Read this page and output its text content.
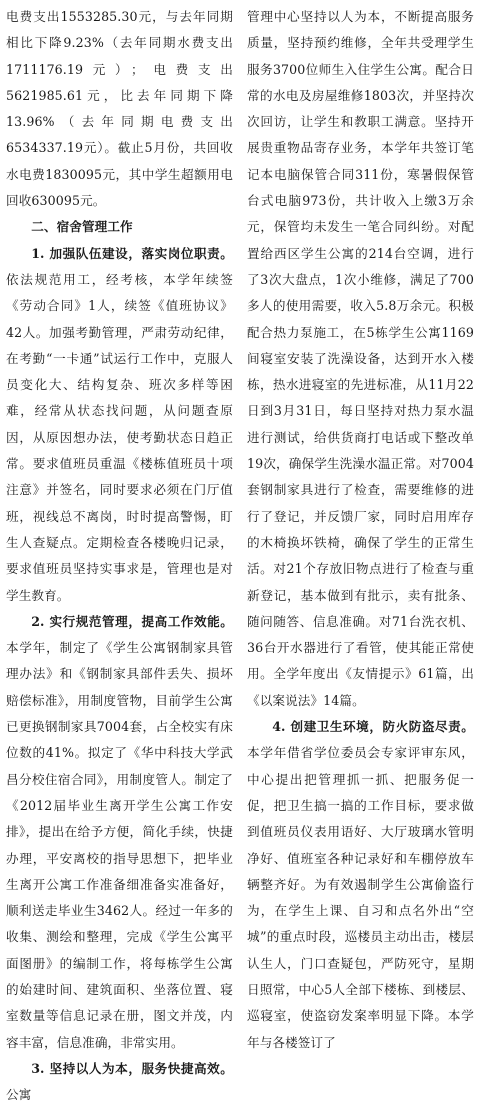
电费支出1553285.30元，与去年同期相比下降9.23%（去年同期水费支出1711176.19元）；电费支出5621985.61元，比去年同期下降13.96%（去年同期电费支出6534337.19元）。截止5月份，共回收水电费1830095元，其中学生超额用电回收630095元。

二、宿舍管理工作

1. 加强队伍建设，落实岗位职责。依法规范用工，经考核，本学年续签《劳动合同》1人，续签《值班协议》42人。加强考勤管理，严肃劳动纪律，在考勤“一卡通”试运行工作中，克服人员变化大、结构复杂、班次多样等困难，经常从状态找问题，从问题查原因，从原因想办法，使考勤状态日趋正常。要求值班员重温《楼栋值班员十项注意》并签名，同时要求必须在门厅值班，视线总不离岗，时时提高警惕，盯生人查疑点。定期检查各楼晚归记录，要求值班员坚持实事求是，管理也是对学生教育。

2. 实行规范管理，提高工作效能。本学年，制定了《学生公寓钢制家具管理办法》和《钢制家具部件丢失、损坏赔偿标准》，用制度管物，目前学生公寓已更换钢制家具7004套，占全校实有床位数的41%。拟定了《华中科技大学武昌分校住宿合同》，用制度管人。制定了《2012届毕业生离开学生公寓工作安排》，提出在给予方便，简化手续，快捷办理，平安离校的指导思想下，把毕业生离开公寓工作准备细准备实准备好，顺利送走毕业生3462人。经过一年多的收集、测绘和整理，完成《学生公寓平面图册》的编制工作，将每栋学生公寓的始建时间、建筑面积、坐落位置、寝室数量等信息记录在册，图文并茂，内容丰富，信息准确，非常实用。

3. 坚持以人为本，服务快捷高效。公寓

管理中心坚持以人为本，不断提高服务质量，坚持预约维修，全年共受理学生服务3700位师生入住学生公寓。配合日常的水电及房屋维修1803次，并坚持次次回访，让学生和教职工满意。坚持开展贵重物品寄存业务，本学年共签订笔记本电脑保管合同311份，寒暑假保管台式电脑973份，共计收入上缴3万余元，保管均未发生一笔合同纠纷。对配置给西区学生公寓的214台空调，进行了3次大盘点，1次小维修，满足了700多人的使用需要，收入5.8万余元。积极配合热力泵施工，在5栋学生公寓1169间寝室安装了洗澡设备，达到开水入楼栋，热水进寝室的先进标准，从11月22日到3月31日，每日坚持对热力泵水温进行测试，给供货商打电话或下整改单19次，确保学生洗澡水温正常。对7004套钢制家具进行了检查，需要维修的进行了登记，并反馈厂家，同时启用库存的木椅换坏铁椅，确保了学生的正常生活。对21个存放旧物点进行了检查与重新登记，基本做到有批示，卖有批条、随问随答、信息准确。对71台洗衣机、36台开水器进行了看管，使其能正常使用。全学年度出《友情提示》61篇，出《以案说法》14篇。

4. 创建卫生环境，防火防盗尽责。本学年借省学位委员会专家评审东风，中心提出把管理抓一抓、把服务促一促，把卫生搞一搞的工作目标，要求做到值班员仪表用语好、大厅玻璃水管明净好、值班室各种记录好和车棚停放车辆整齐好。为有效遏制学生公寓偷盗行为，在学生上课、自习和点名外出“空城”的重点时段，巡楼员主动出击，楼层认生人，门口查疑包，严防死守，星期日照常，中心5人全部下楼栋、到楼层、巡寝室，使盗窃发案率明显下降。本学年与各楼签订了
